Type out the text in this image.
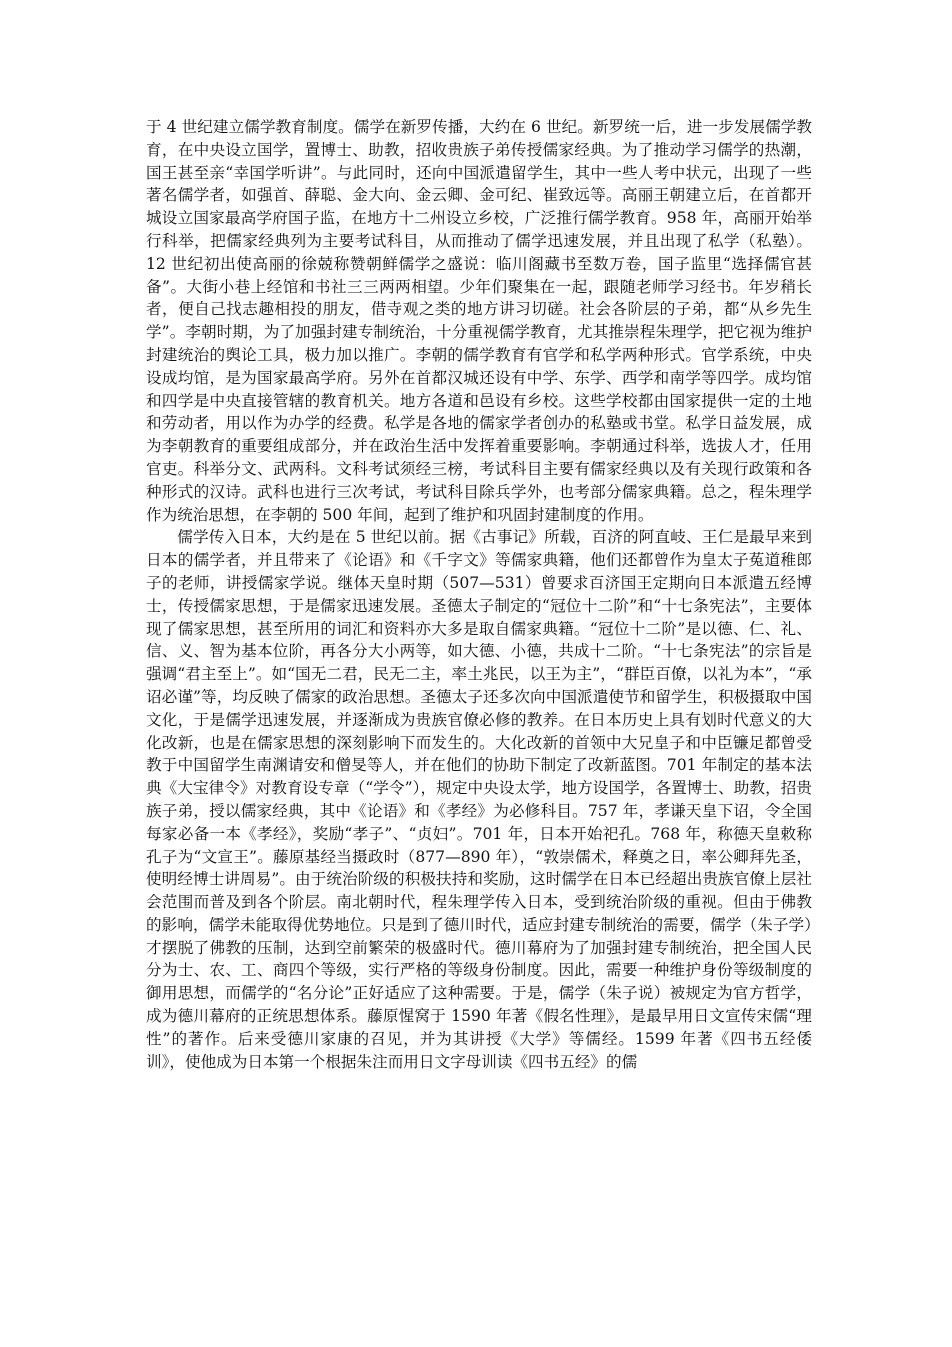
于 4 世纪建立儒学教育制度。儒学在新罗传播，大约在 6 世纪。新罗统一后，进一步发展儒学教育，在中央设立国学，置博士、助教，招收贵族子弟传授儒家经典。为了推动学习儒学的热潮，国王甚至亲“幸国学听讲”。与此同时，还向中国派遣留学生，其中一些人考中状元，出现了一些著名儒学者，如强首、薛聪、金大向、金云卿、金可纪、崔致远等。高丽王朝建立后，在首都开城设立国家最高学府国子监，在地方十二州设立乡校，广泛推行儒学教育。958 年，高丽开始举行科举，把儒家经典列为主要考试科目，从而推动了儒学迅速发展，并且出现了私学（私塾）。12 世纪初出使高丽的徐兢称赞朝鲜儒学之盛说：临川阁藏书至数万卷，国子监里“选择儒官甚备”。大街小巷上经馆和书社三三两两相望。少年们聚集在一起，跟随老师学习经书。年岁稍长者，便自己找志趣相投的朋友，借寺观之类的地方讲习切磋。社会各阶层的子弟，都“从乡先生学”。李朝时期，为了加强封建专制统治，十分重视儒学教育，尤其推崇程朱理学，把它视为维护封建统治的舆论工具，极力加以推广。李朝的儒学教育有官学和私学两种形式。官学系统，中央设成均馆，是为国家最高学府。另外在首都汉城还设有中学、东学、西学和南学等四学。成均馆和四学是中央直接管辖的教育机关。地方各道和邑设有乡校。这些学校都由国家提供一定的土地和劳动者，用以作为办学的经费。私学是各地的儒家学者创办的私塾或书堂。私学日益发展，成为李朝教育的重要组成部分，并在政治生活中发挥着重要影响。李朝通过科举，选拔人才，任用官吏。科举分文、武两科。文科考试须经三榜，考试科目主要有儒家经典以及有关现行政策和各种形式的汉诗。武科也进行三次考试，考试科目除兵学外，也考部分儒家典籍。总之，程朱理学作为统治思想，在李朝的 500 年间，起到了维护和巩固封建制度的作用。

儒学传入日本，大约是在 5 世纪以前。据《古事记》所载，百济的阿直岐、王仁是最早来到日本的儒学者，并且带来了《论语》和《千字文》等儒家典籍，他们还都曾作为皇太子菟道稚郎子的老师，讲授儒家学说。继体天皇时期（507—531）曾要求百济国王定期向日本派遣五经博士，传授儒家思想，于是儒家迅速发展。圣德太子制定的“冠位十二阶”和“十七条宪法”，主要体现了儒家思想，甚至所用的词汇和资料亦大多是取自儒家典籍。“冠位十二阶”是以德、仁、礼、信、义、智为基本位阶，再各分大小两等，如大德、小德，共成十二阶。“十七条宪法”的宗旨是强调“君主至上”。如“国无二君，民无二主，率土兆民，以王为主”，“群臣百僚，以礼为本”，“承诏必谨”等，均反映了儒家的政治思想。圣德太子还多次向中国派遣使节和留学生，积极摄取中国文化，于是儒学迅速发展，并逐渐成为贵族官僚必修的教养。在日本历史上具有划时代意义的大化改新，也是在儒家思想的深刻影响下而发生的。大化改新的首领中大兄皇子和中臣镰足都曾受教于中国留学生南渊请安和僧旻等人，并在他们的协助下制定了改新蓝图。701 年制定的基本法典《大宝律令》对教育设专章（“学令”），规定中央设太学，地方设国学，各置博士、助教，招贵族子弟，授以儒家经典，其中《论语》和《孝经》为必修科目。757 年，孝谦天皇下诏，令全国每家必备一本《孝经》，奖励“孝子”、“贞妇”。701 年，日本开始祀孔。768 年，称德天皇敕称孔子为“文宣王”。藤原基经当摄政时（877—890 年），“敦崇儒术，释奠之日，率公卿拜先圣，使明经博士讲周易”。由于统治阶级的积极扶持和奖励，这时儒学在日本已经超出贵族官僚上层社会范围而普及到各个阶层。南北朝时代，程朱理学传入日本，受到统治阶级的重视。但由于佛教的影响，儒学未能取得优势地位。只是到了德川时代，适应封建专制统治的需要，儒学（朱子学）才摆脱了佛教的压制，达到空前繁荣的极盛时代。德川幕府为了加强封建专制统治，把全国人民分为士、农、工、商四个等级，实行严格的等级身份制度。因此，需要一种维护身份等级制度的御用思想，而儒学的“名分论”正好适应了这种需要。于是，儒学（朱子说）被规定为官方哲学，成为德川幕府的正统思想体系。藤原惺窝于 1590 年著《假名性理》，是最早用日文宣传宋儒“理性”的著作。后来受德川家康的召见，并为其讲授《大学》等儒经。1599 年著《四书五经倭训》，使他成为日本第一个根据朱注而用日文字母训读《四书五经》的儒
